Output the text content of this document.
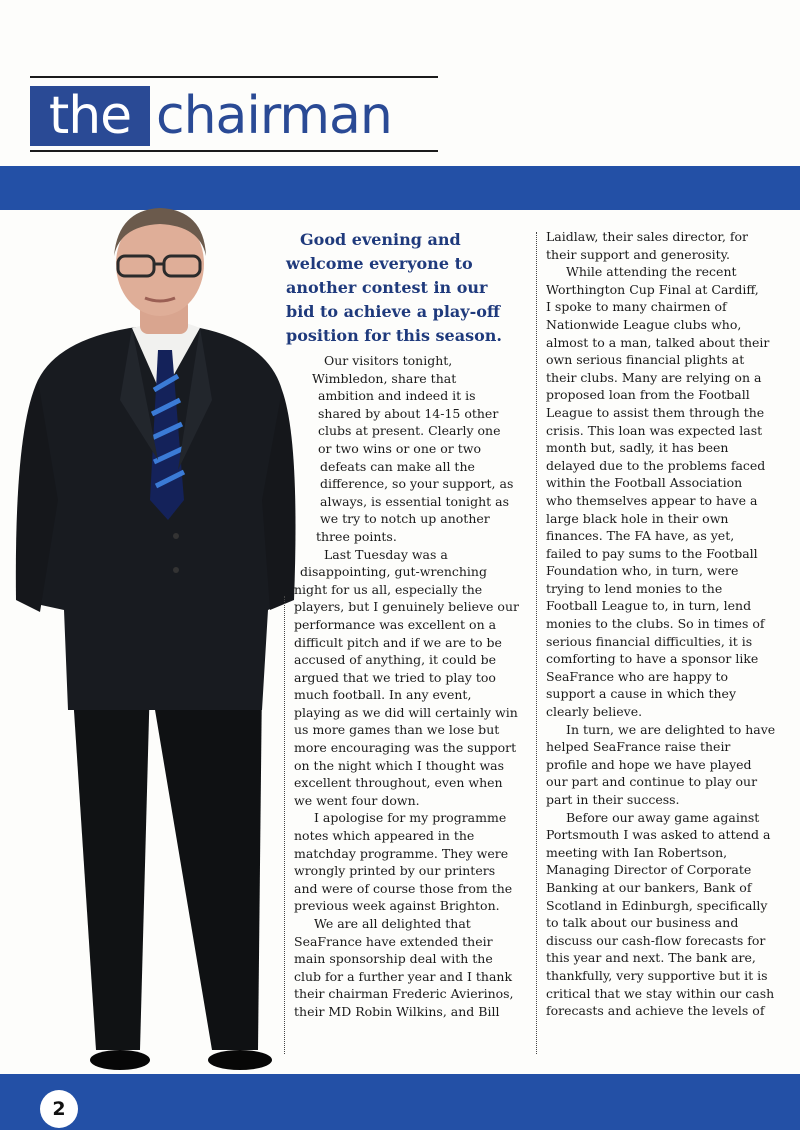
the chairman
Good evening and
welcome everyone to
another contest in our
bid to achieve a play-off
position for this season.

Our visitors tonight,
Wimbledon, share that
ambition and indeed it is
shared by about 14-15 other
clubs at present. Clearly one
or two wins or one or two
defeats can make all the
difference, so your support, as
always, is essential tonight as
we try to notch up another
three points.

Last Tuesday was a
disappointing, gut-wrenching
night for us all, especially the
players, but I genuinely believe our
performance was excellent on a
difficult pitch and if we are to be
accused of anything, it could be
argued that we tried to play too
much football. In any event,
playing as we did will certainly win
us more games than we lose but
more encouraging was the support
on the night which I thought was
excellent throughout, even when
we went four down.

I apologise for my programme
notes which appeared in the
matchday programme. They were
wrongly printed by our printers
and were of course those from the
previous week against Brighton.

We are all delighted that
SeaFrance have extended their
main sponsorship deal with the
club for a further year and I thank
their chairman Frederic Avierinos,
their MD Robin Wilkins, and Bill

Laidlaw, their sales director, for
their support and generosity.

While attending the recent
Worthington Cup Final at Cardiff,
I spoke to many chairmen of
Nationwide League clubs who,
almost to a man, talked about their
own serious financial plights at
their clubs. Many are relying on a
proposed loan from the Football
League to assist them through the
crisis. This loan was expected last
month but, sadly, it has been
delayed due to the problems faced
within the Football Association
who themselves appear to have a
large black hole in their own
finances. The FA have, as yet,
failed to pay sums to the Football
Foundation who, in turn, were
trying to lend monies to the
Football League to, in turn, lend
monies to the clubs. So in times of
serious financial difficulties, it is
comforting to have a sponsor like
SeaFrance who are happy to
support a cause in which they
clearly believe.

In turn, we are delighted to have
helped SeaFrance raise their
profile and hope we have played
our part and continue to play our
part in their success.

Before our away game against
Portsmouth I was asked to attend a
meeting with Ian Robertson,
Managing Director of Corporate
Banking at our bankers, Bank of
Scotland in Edinburgh, specifically
to talk about our business and
discuss our cash-flow forecasts for
this year and next. The bank are,
thankfully, very supportive but it is
critical that we stay within our cash
forecasts and achieve the levels of

2
